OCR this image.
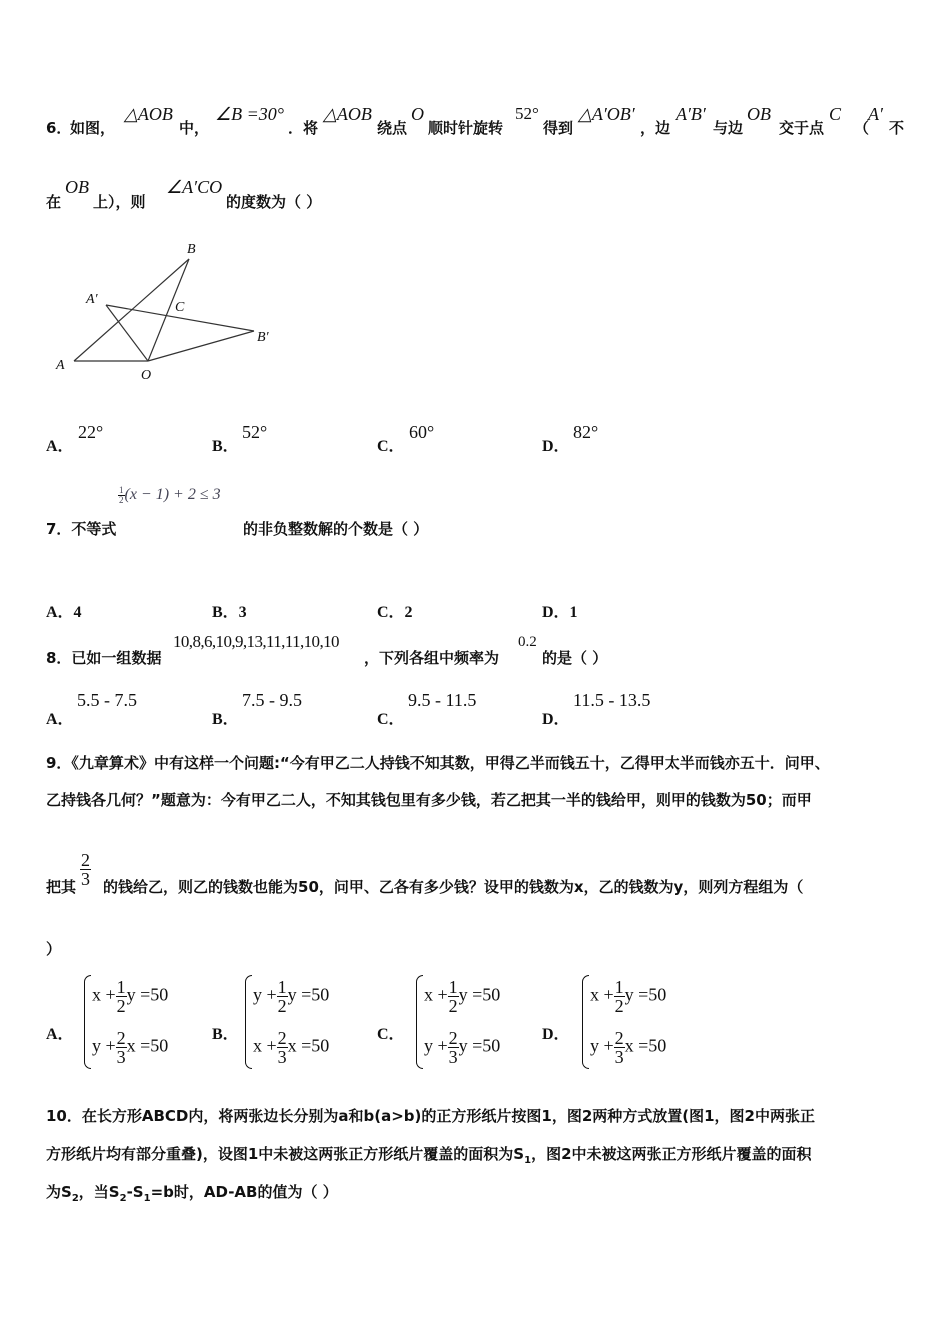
6．
如图，
△AOB
中，
∠B =30°
．将
△AOB
绕点
O
顺时针旋转
52°
得到
△A′OB′
，边
A′B′
与边
OB
交于点
C
（
A′
不
在
OB
上），则
∠A′CO
的度数为（ ）
A
A′
B
B′
C
O
A．
22°
B．
52°
C．
60°
D．
82°
$\frac{1}{2} (x - 1) + 2 \le 3$
7．不等式	的非负整数解的个数是（ ）
A．4	B．3	C．2	D．1
8．已如一组数据
10,8,6,10,9,13,11,11,10,10
，下列各组中频率为
0.2
的是（ ）
A．
5.5 - 7.5
B．
7.5 - 9.5
C．
9.5 - 11.5
D．
11.5 - 13.5
9．《九章算术》中有这样一个问题:“今有甲乙二人持钱不知其数，甲得乙半而钱五十，乙得甲太半而钱亦五十．问甲、
乙持钱各几何？”题意为：今有甲乙二人，不知其钱包里有多少钱，若乙把其一半的钱给甲，则甲的钱数为50；而甲
把其 $\frac{2}{3}$ 的钱给乙，则乙的钱数也能为50，问甲、乙各有多少钱？设甲的钱数为x，乙的钱数为y，则列方程组为（
）
A．
$x + \frac{1}{2}$ y =50
$y + \frac{2}{3}$ x =50
B．
$y + \frac{1}{2}$ y =50
$x + \frac{2}{3}$ x =50
C．
$x + \frac{1}{2}$ y =50
$y + \frac{2}{3}$ y =50
D．
$x + \frac{1}{2}$ y =50
$y + \frac{2}{3}$ x =50
10．在长方形ABCD内，将两张边长分别为a和b(a>b)的正方形纸片按图1，图2两种方式放置(图1，图2中两张正
方形纸片均有部分重叠)，设图1中未被这两张正方形纸片覆盖的面积为$S_1$，图2中未被这两张正方形纸片覆盖的面积
为$S_2$，当$S_2-S_1=b$时，AD-AB的值为（ ）
